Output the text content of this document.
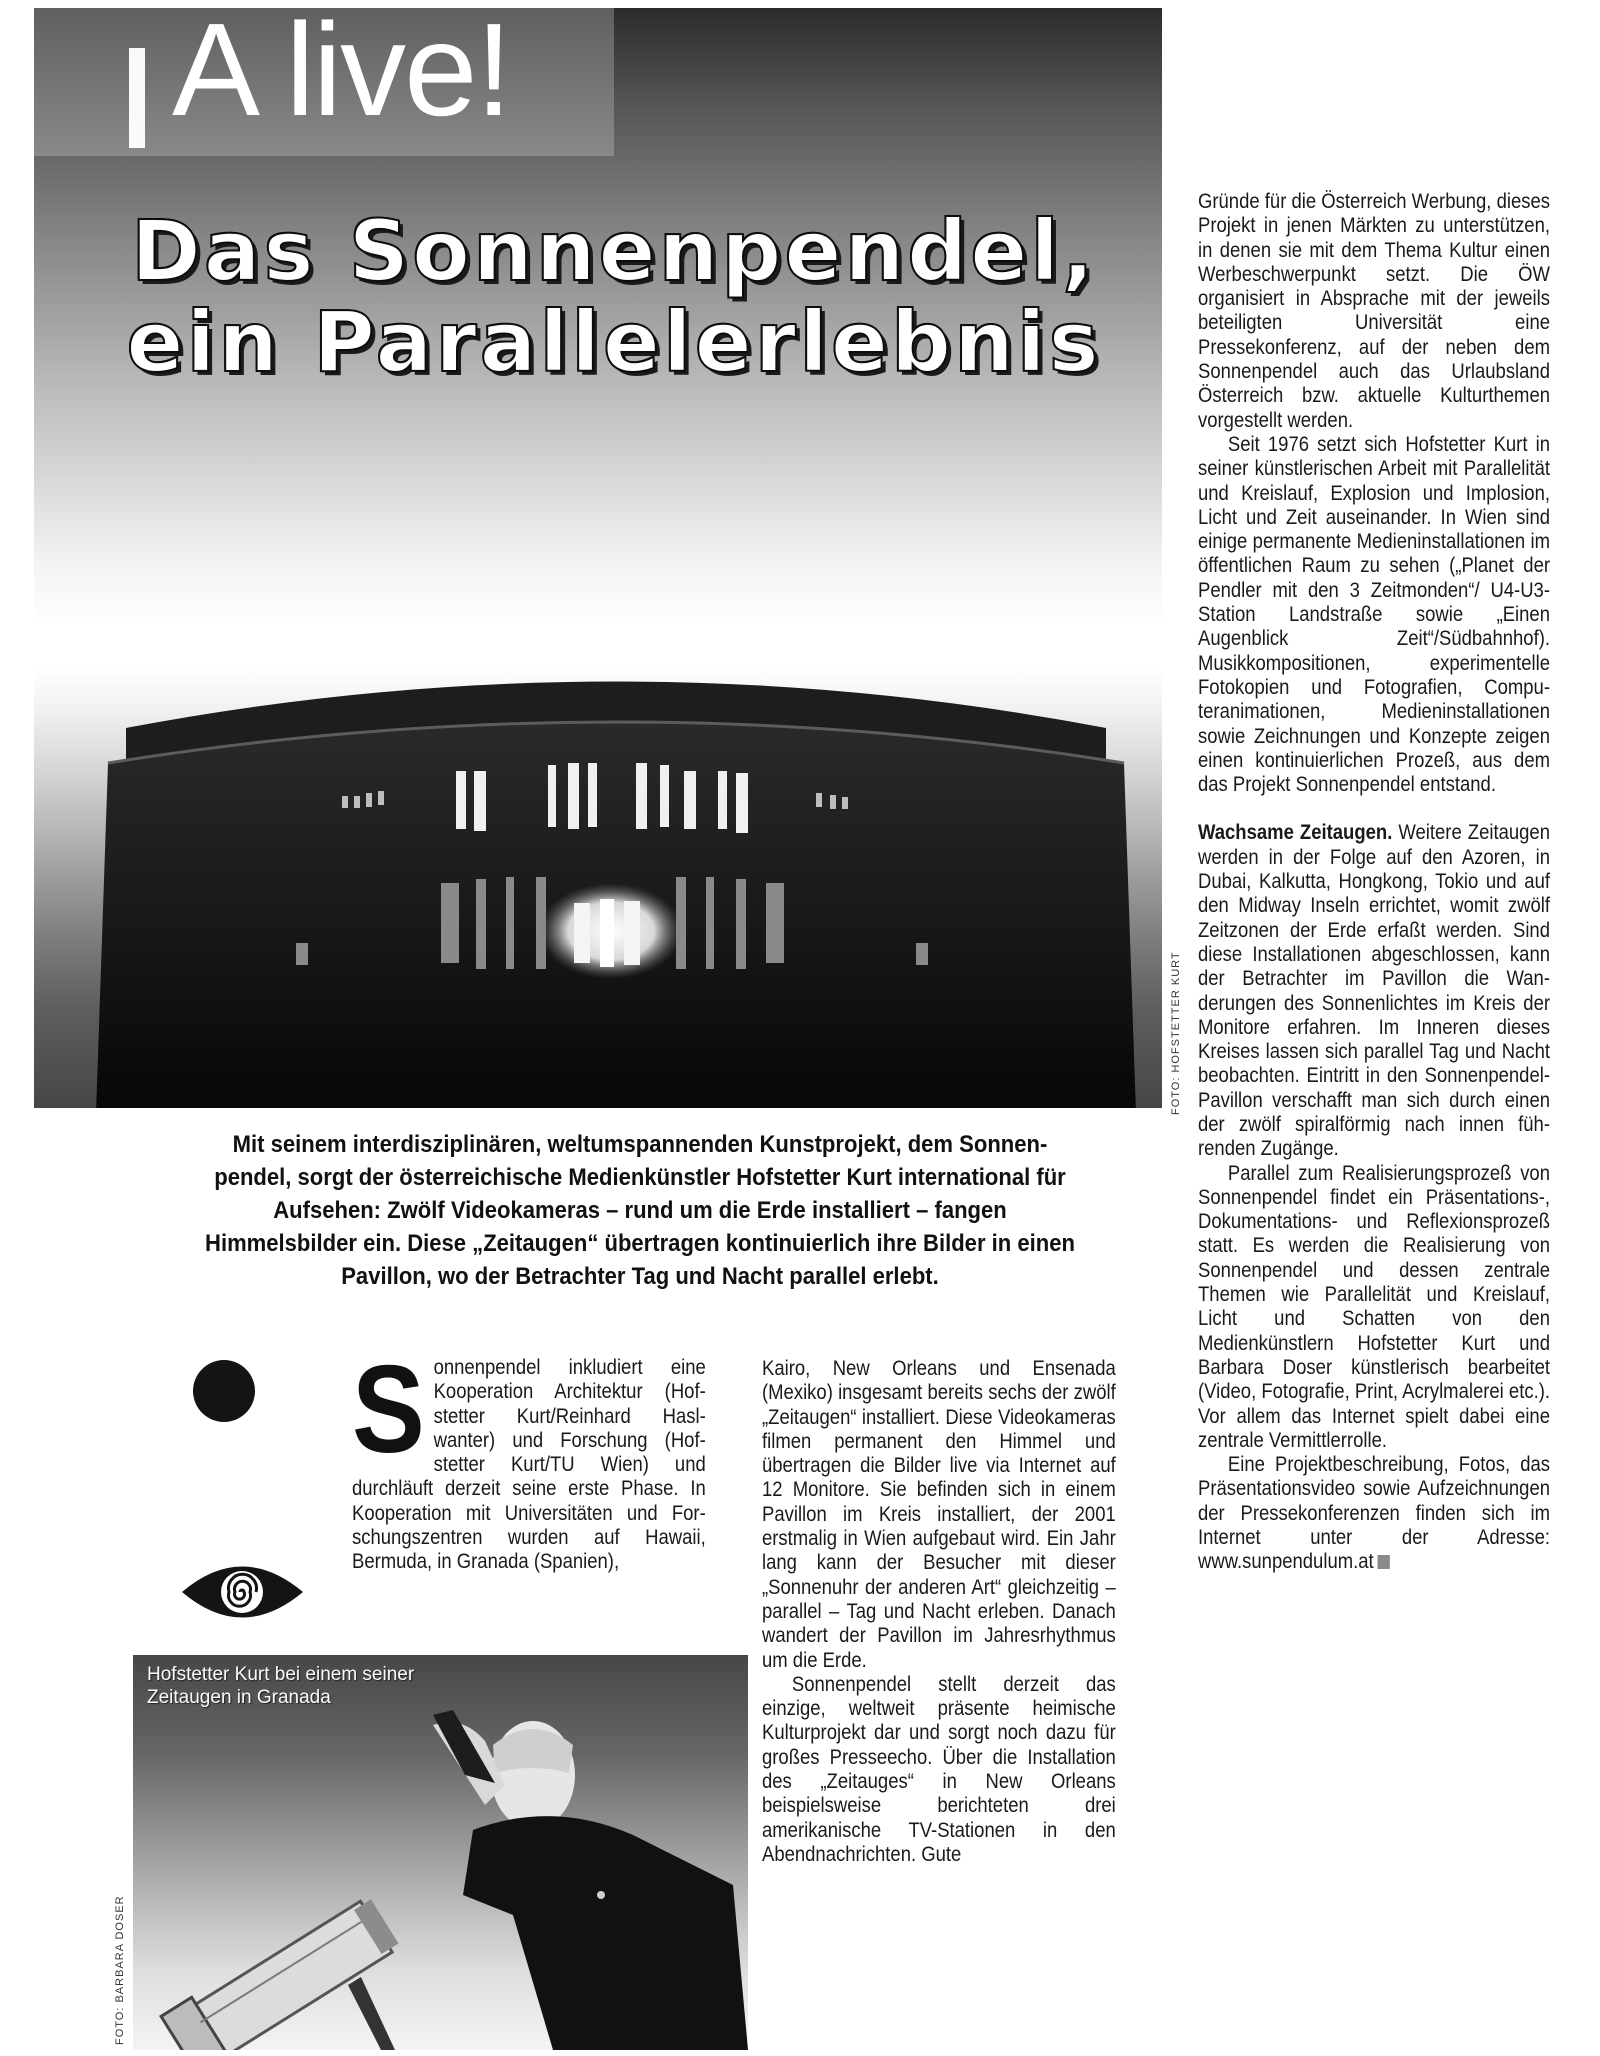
A live!
Das Sonnenpendel,
ein Parallelerlebnis
FOTO: HOFSTETTER KURT

Mit seinem interdisziplinären, weltumspannenden Kunstprojekt, dem Sonnenpendel, sorgt der österreichische Medienkünstler Hofstetter Kurt international für Aufsehen: Zwölf Videokameras – rund um die Erde installiert – fangen Himmelsbilder ein. Diese „Zeitaugen“ übertragen kontinuierlich ihre Bilder in einen Pavillon, wo der Betrachter Tag und Nacht parallel erlebt.

Sonnenpendel inkludiert eine Kooperation Architektur (Hofstetter Kurt/Reinhard Haslwanter) und Forschung (Hofstetter Kurt/TU Wien) und durchläuft derzeit seine erste Phase. In Kooperation mit Universitäten und Forschungszentren wurden auf Hawaii, Bermuda, in Granada (Spanien),

Kairo, New Orleans und Ensenada (Mexiko) insgesamt bereits sechs der zwölf „Zeitaugen“ installiert. Diese Videokameras filmen permanent den Himmel und übertragen die Bilder live via Internet auf 12 Monitore. Sie befinden sich in einem Pavillon im Kreis installiert, der 2001 erstmalig in Wien aufgebaut wird. Ein Jahr lang kann der Besucher mit dieser „Sonnenuhr der anderen Art“ gleichzeitig – parallel – Tag und Nacht erleben. Danach wandert der Pavillon im Jahresrhythmus um die Erde.

Sonnenpendel stellt derzeit das einzige, weltweit präsente heimische Kulturprojekt dar und sorgt noch dazu für großes Presseecho. Über die Installation des „Zeitauges“ in New Orleans beispielsweise berichteten drei amerikanische TV-Stationen in den Abendnachrichten. Gute

Gründe für die Österreich Werbung, dieses Projekt in jenen Märkten zu unterstützen, in denen sie mit dem Thema Kultur einen Werbeschwerpunkt setzt. Die ÖW organisiert in Absprache mit der jeweils beteiligten Universität eine Pressekonferenz, auf der neben dem Sonnenpendel auch das Urlaubsland Österreich bzw. aktuelle Kulturthemen vorgestellt werden.

Seit 1976 setzt sich Hofstetter Kurt in seiner künstlerischen Arbeit mit Parallelität und Kreislauf, Explosion und Implosion, Licht und Zeit auseinander. In Wien sind einige permanente Medieninstallationen im öffentlichen Raum zu sehen („Planet der Pendler mit den 3 Zeitmonden“/ U4-U3-Station Landstraße sowie „Einen Augenblick Zeit“/Südbahnhof). Musikkompositionen, experimentelle Fotokopien und Fotografien, Computeranimationen, Medieninstallationen sowie Zeichnungen und Konzepte zeigen einen kontinuierlichen Prozeß, aus dem das Projekt Sonnenpendel entstand.

Wachsame Zeitaugen. Weitere Zeitaugen werden in der Folge auf den Azoren, in Dubai, Kalkutta, Hongkong, Tokio und auf den Midway Inseln errichtet, womit zwölf Zeitzonen der Erde erfaßt werden. Sind diese Installationen abgeschlossen, kann der Betrachter im Pavillon die Wanderungen des Sonnenlichtes im Kreis der Monitore erfahren. Im Inneren dieses Kreises lassen sich parallel Tag und Nacht beobachten. Eintritt in den Sonnenpendel-Pavillon verschafft man sich durch einen der zwölf spiralförmig nach innen führenden Zugänge.

Parallel zum Realisierungsprozeß von Sonnenpendel findet ein Präsentations-, Dokumentations- und Reflexionsprozeß statt. Es werden die Realisierung von Sonnenpendel und dessen zentrale Themen wie Parallelität und Kreislauf, Licht und Schatten von den Medienkünstlern Hofstetter Kurt und Barbara Doser künstlerisch bearbeitet (Video, Fotografie, Print, Acrylmalerei etc.). Vor allem das Internet spielt dabei eine zentrale Vermittlerrolle.

Eine Projektbeschreibung, Fotos, das Präsentationsvideo sowie Aufzeichnungen der Pressekonferenzen finden sich im Internet unter der Adresse: www.sunpendulum.at

Hofstetter Kurt bei einem seiner Zeitaugen in Granada

FOTO: BARBARA DOSER
